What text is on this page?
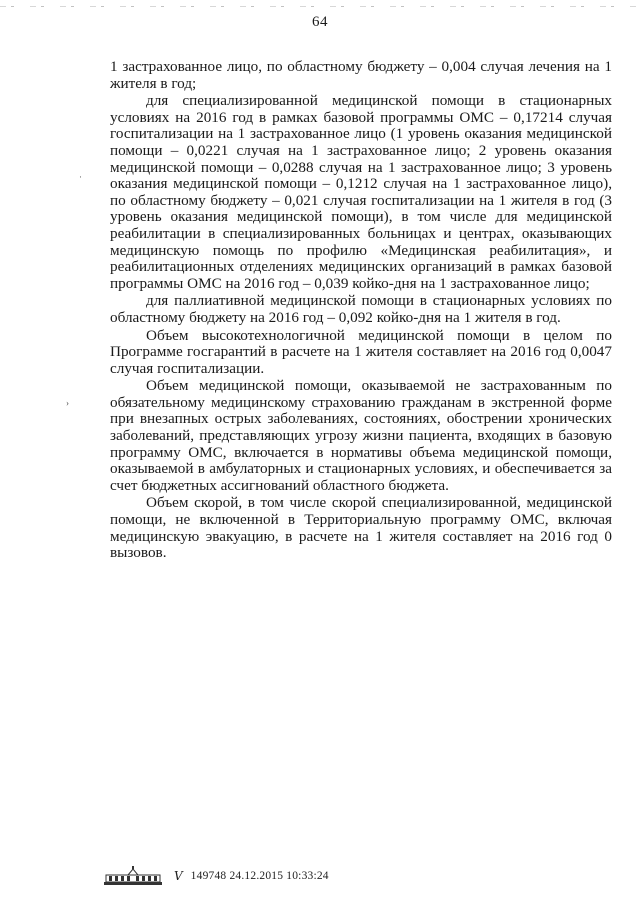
64
·
›

1 застрахованное лицо, по областному бюджету – 0,004 случая лечения на 1 жителя в год;

для специализированной медицинской помощи в стационарных условиях на 2016 год в рамках базовой программы ОМС – 0,17214 случая госпитализации на 1 застрахованное лицо (1 уровень оказания медицинской помощи – 0,0221 случая на 1 застрахованное лицо; 2 уровень оказания медицинской помощи – 0,0288 случая на 1 застрахованное лицо; 3 уровень оказания медицинской помощи – 0,1212 случая на 1 застрахованное лицо), по областному бюджету – 0,021 случая госпитализации на 1 жителя в год (3 уровень оказания медицинской помощи), в том числе для медицинской реабилитации в специализированных больницах и центрах, оказывающих медицинскую помощь по профилю «Медицинская реабилитация», и реабилитационных отделениях медицинских организаций в рамках базовой программы ОМС на 2016 год – 0,039 койко-дня на 1 застрахованное лицо;

для паллиативной медицинской помощи в стационарных условиях по областному бюджету на 2016 год – 0,092 койко-дня на 1 жителя в год.

Объем высокотехнологичной медицинской помощи в целом по Программе госгарантий в расчете на 1 жителя составляет на 2016 год 0,0047 случая госпитализации.

Объем медицинской помощи, оказываемой не застрахованным по обязательному медицинскому страхованию гражданам в экстренной форме при внезапных острых заболеваниях, состояниях, обострении хронических заболеваний, представляющих угрозу жизни пациента, входящих в базовую программу ОМС, включается в нормативы объема медицинской помощи, оказываемой в амбулаторных и стационарных условиях, и обеспечивается за счет бюджетных ассигнований областного бюджета.

Объем скорой, в том числе скорой специализированной, медицинской помощи, не включенной в Территориальную программу ОМС, включая медицинскую эвакуацию, в расчете на 1 жителя составляет на 2016 год 0 вызовов.

V 149748 24.12.2015 10:33:24
